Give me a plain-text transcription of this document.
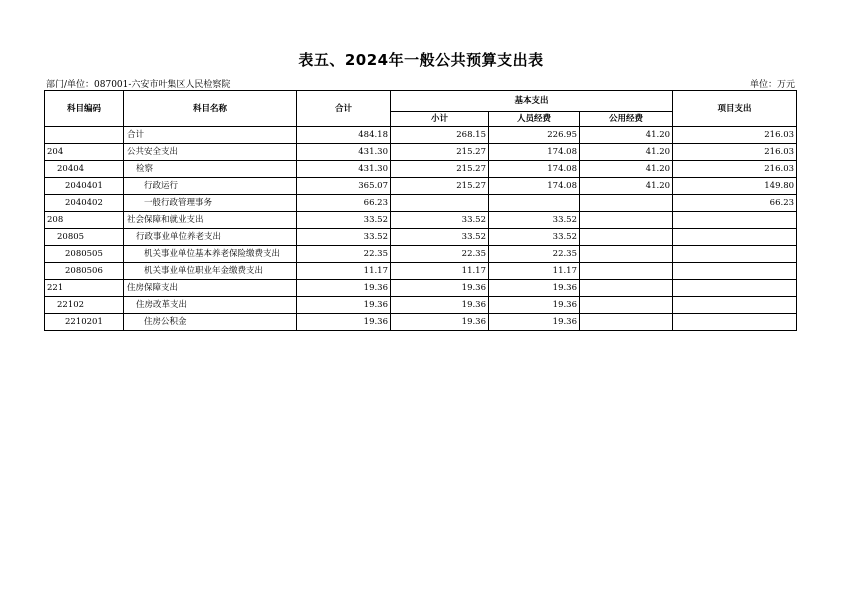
表五、2024年一般公共预算支出表
部门/单位：087001-六安市叶集区人民检察院	单位：万元
科目编码	科目名称	合计	基本支出			项目支出
			小计	人员经费	公用经费	
	合计	484.18	268.15	226.95	41.20	216.03
204	公共安全支出	431.30	215.27	174.08	41.20	216.03
20404	检察	431.30	215.27	174.08	41.20	216.03
2040401	行政运行	365.07	215.27	174.08	41.20	149.80
2040402	一般行政管理事务	66.23				66.23
208	社会保障和就业支出	33.52	33.52	33.52		
20805	行政事业单位养老支出	33.52	33.52	33.52		
2080505	机关事业单位基本养老保险缴费支出	22.35	22.35	22.35		
2080506	机关事业单位职业年金缴费支出	11.17	11.17	11.17		
221	住房保障支出	19.36	19.36	19.36		
22102	住房改革支出	19.36	19.36	19.36		
2210201	住房公积金	19.36	19.36	19.36		
